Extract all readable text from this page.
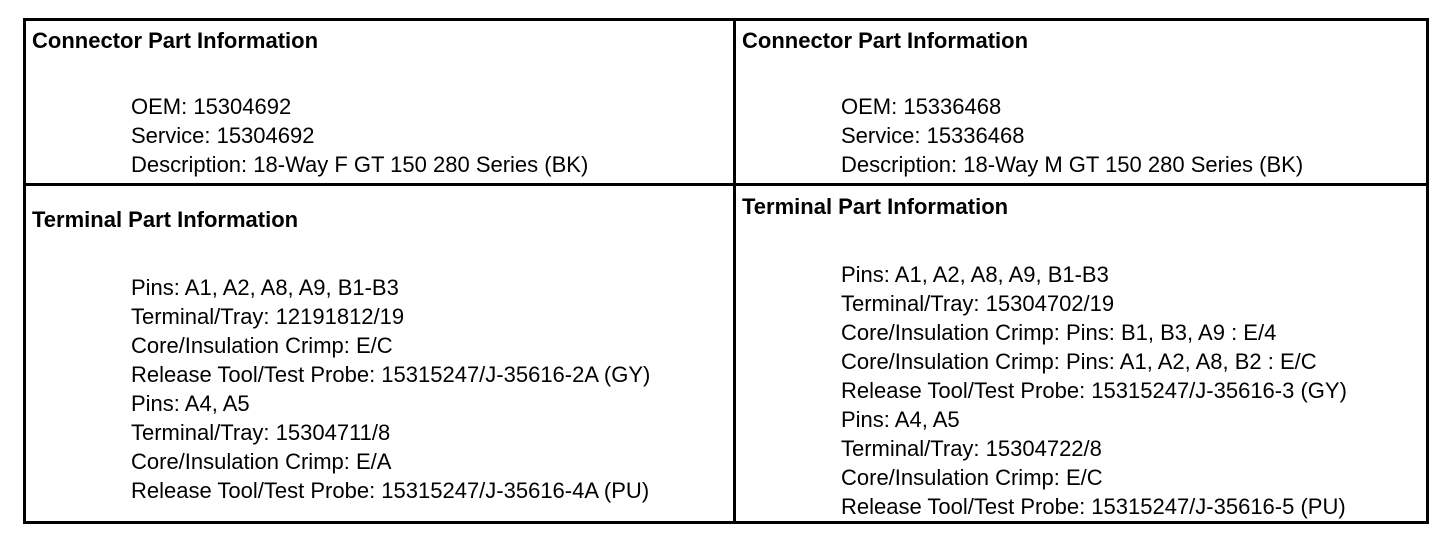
Connector Part Information
OEM: 15304692
Service: 15304692
Description: 18-Way F GT 150 280 Series (BK)
Connector Part Information
OEM: 15336468
Service: 15336468
Description: 18-Way M GT 150 280 Series (BK)
Terminal Part Information
Pins: A1, A2, A8, A9, B1-B3
Terminal/Tray: 12191812/19
Core/Insulation Crimp: E/C
Release Tool/Test Probe: 15315247/J-35616-2A (GY)
Pins: A4, A5
Terminal/Tray: 15304711/8
Core/Insulation Crimp: E/A
Release Tool/Test Probe: 15315247/J-35616-4A (PU)
Terminal Part Information
Pins: A1, A2, A8, A9, B1-B3
Terminal/Tray: 15304702/19
Core/Insulation Crimp: Pins: B1, B3, A9 : E/4
Core/Insulation Crimp: Pins: A1, A2, A8, B2 : E/C
Release Tool/Test Probe: 15315247/J-35616-3 (GY)
Pins: A4, A5
Terminal/Tray: 15304722/8
Core/Insulation Crimp: E/C
Release Tool/Test Probe: 15315247/J-35616-5 (PU)
